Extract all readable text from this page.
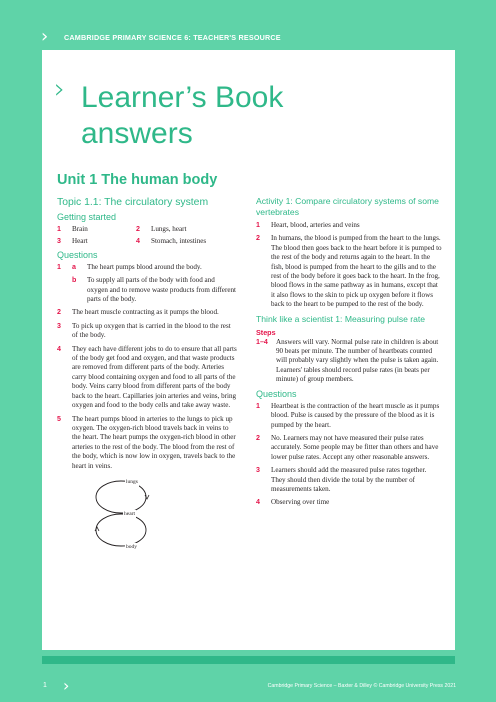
› CAMBRIDGE PRIMARY SCIENCE 6: TEACHER'S RESOURCE
› Learner’s Book
answers
Unit 1 The human body
Topic 1.1: The circulatory system
Getting started
1	Brain	2	Lungs, heart
3	Heart	4	Stomach, intestines
Questions
1	a	The heart pumps blood around the body.
b	To supply all parts of the body with food and oxygen and to remove waste products from different parts of the body.
2	The heart muscle contracting as it pumps the blood.
3	To pick up oxygen that is carried in the blood to the rest of the body.
4	They each have different jobs to do to ensure that all parts of the body get food and oxygen, and that waste products are removed from different parts of the body. Arteries carry blood containing oxygen and food to all parts of the body. Veins carry blood from different parts of the body back to the heart. Capillaries join arteries and veins, bring oxygen and food to the body cells and take away waste.
5	The heart pumps blood in arteries to the lungs to pick up oxygen. The oxygen-rich blood travels back in veins to the heart. The heart pumps the oxygen-rich blood in other arteries to the rest of the body. The blood from the rest of the body, which is now low in oxygen, travels back to the heart in veins.
lungs
heart
body
Activity 1: Compare circulatory systems of some vertebrates
1	Heart, blood, arteries and veins
2	In humans, the blood is pumped from the heart to the lungs. The blood then goes back to the heart before it is pumped to the rest of the body and returns again to the heart. In the fish, blood is pumped from the heart to the gills and to the rest of the body before it goes back to the heart. In the frog, blood flows in the same pathway as in humans, except that it also flows to the skin to pick up oxygen before it flows back to the heart to be pumped to the rest of the body.
Think like a scientist 1: Measuring pulse rate
Steps
1–4	Answers will vary. Normal pulse rate in children is about 90 beats per minute. The number of heartbeats counted will probably vary slightly when the pulse is taken again. Learners' tables should record pulse rates (in beats per minute) of group members.
Questions
1	Heartbeat is the contraction of the heart muscle as it pumps blood. Pulse is caused by the pressure of the blood as it is pumped by the heart.
2	No. Learners may not have measured their pulse rates accurately. Some people may be fitter than others and have lower pulse rates. Accept any other reasonable answers.
3	Learners should add the measured pulse rates together. They should then divide the total by the number of measurements taken.
4	Observing over time
1 ›	Cambridge Primary Science – Baxter & Dilley © Cambridge University Press 2021
